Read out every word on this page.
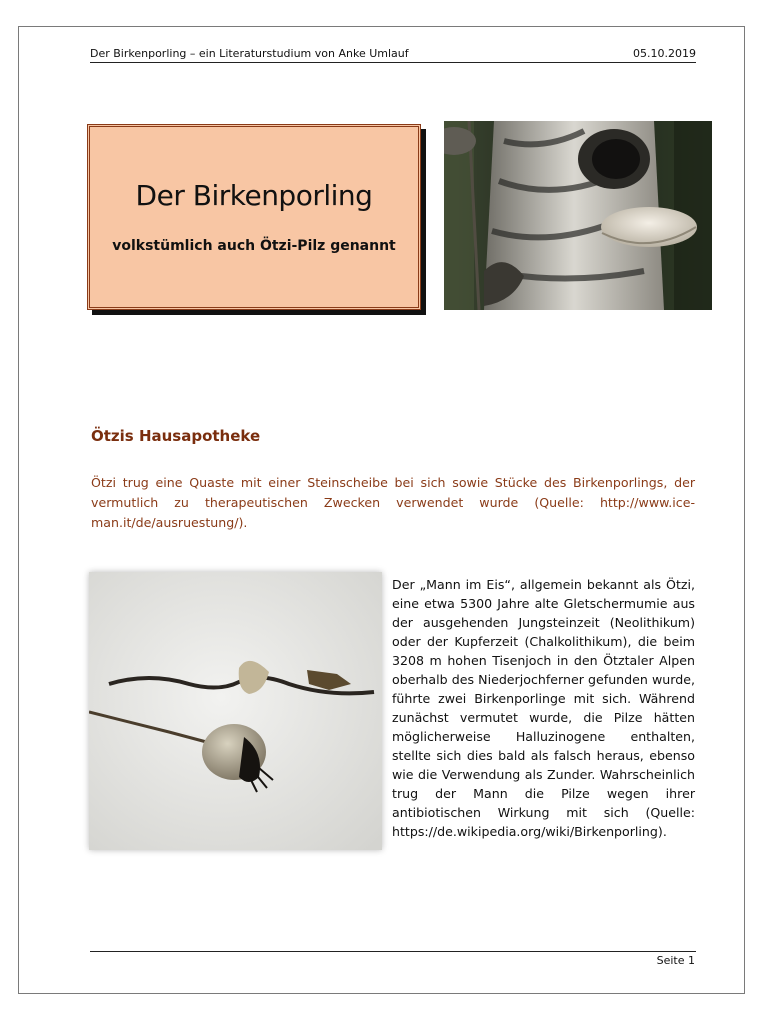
Der Birkenporling – ein Literaturstudium von Anke Umlauf	05.10.2019
Der Birkenporling
volkstümlich auch Ötzi-Pilz genannt
Ötzis Hausapotheke
Ötzi trug eine Quaste mit einer Steinscheibe bei sich sowie Stücke des Birkenporlings, der vermutlich zu therapeutischen Zwecken verwendet wurde (Quelle: http://www.ice-man.it/de/ausruestung/).
Der „Mann im Eis“, allgemein bekannt als Ötzi, eine etwa 5300 Jahre alte Gletschermumie aus der ausgehenden Jungsteinzeit (Neolithikum) oder der Kupferzeit (Chalkolithikum), die beim 3208 m hohen Tisenjoch in den Ötztaler Alpen oberhalb des Niederjochferner gefunden wurde, führte zwei Birkenporlinge mit sich. Während zunächst vermutet wurde, die Pilze hätten möglicherweise Halluzinogene enthalten, stellte sich dies bald als falsch heraus, ebenso wie die Verwendung als Zunder. Wahrscheinlich trug der Mann die Pilze wegen ihrer antibiotischen Wirkung mit sich (Quelle: https://de.wikipedia.org/wiki/Birkenporling).
Seite 1
